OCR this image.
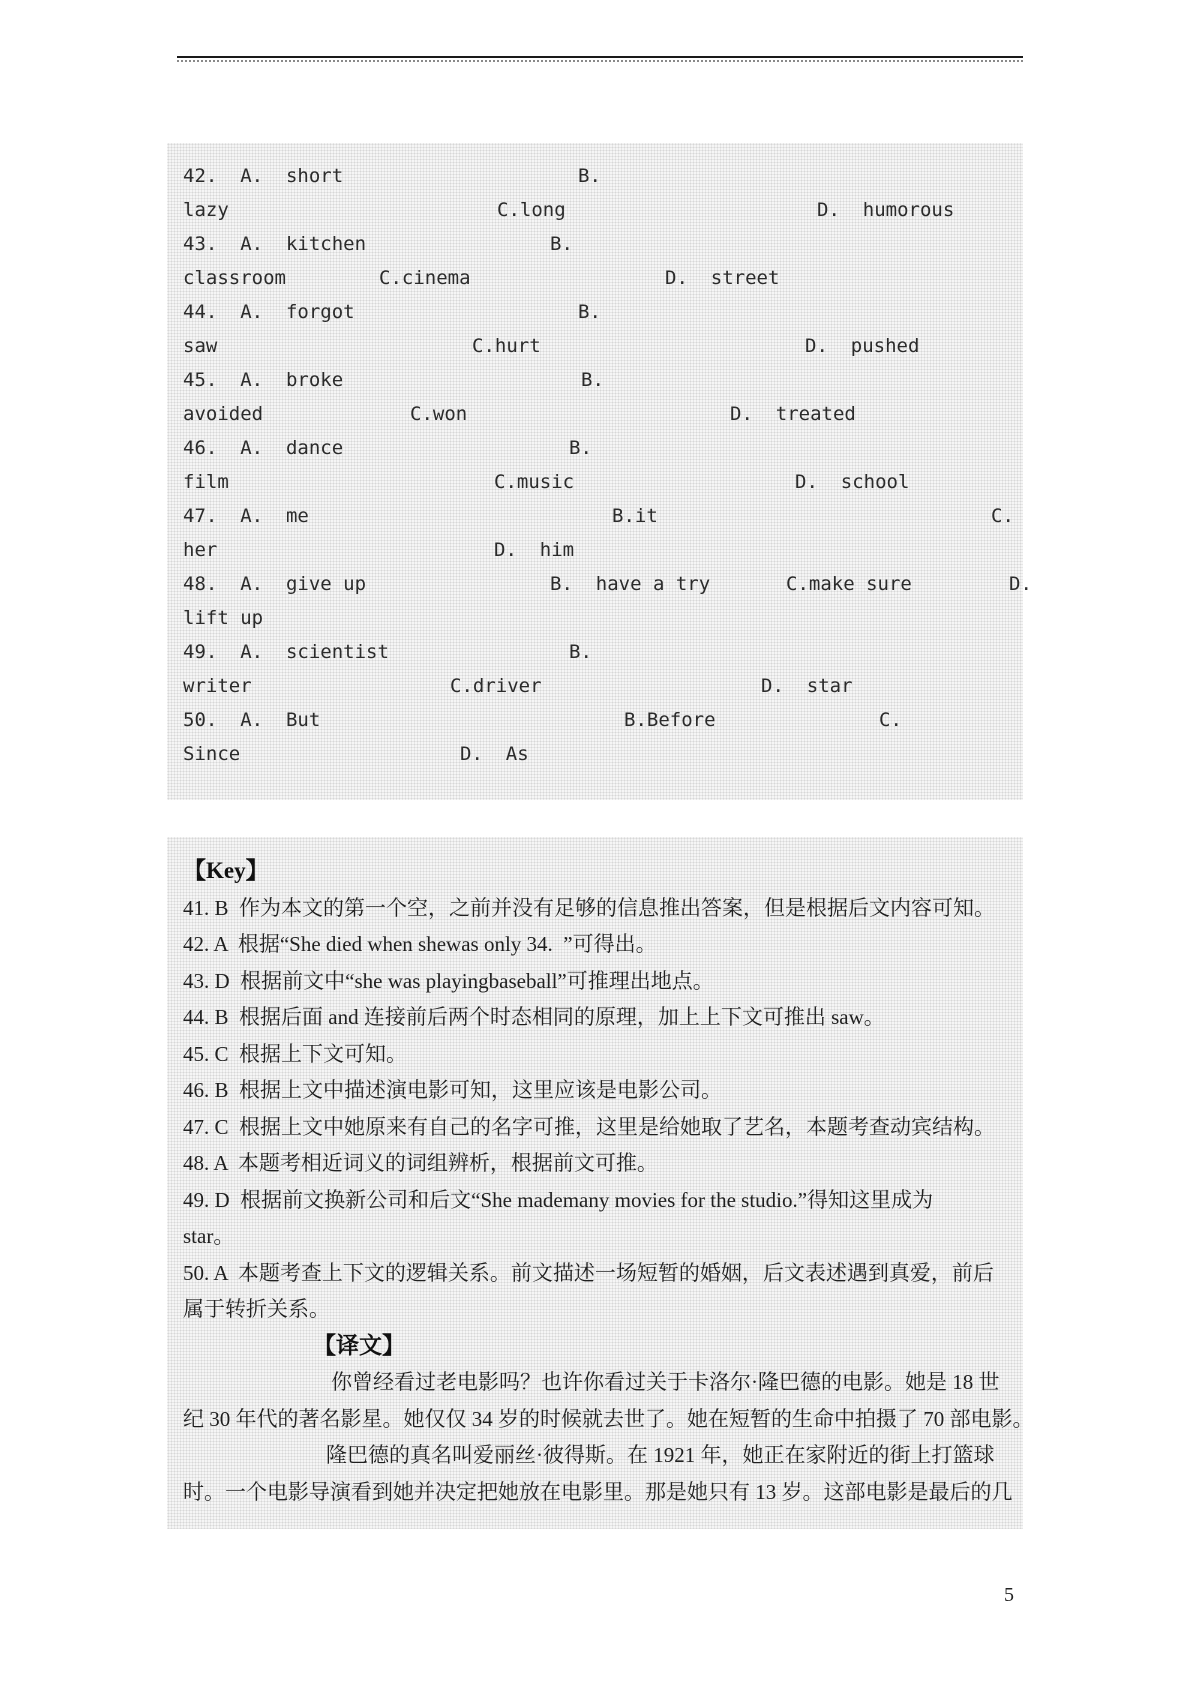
42.  A.  short	B.
lazy	C.long	D.  humorous
43.  A.  kitchen	B.
classroom	C.cinema	D.  street
44.  A.  forgot	B.
saw	C.hurt	D.  pushed
45.  A.  broke	B.
avoided	C.won	D.  treated
46.  A.  dance	B.
film	C.music	D.  school
47.  A.  me	B.it	C.
her	D.  him
48.  A.  give up	B.  have a try	C.make sure	D.
lift up
49.  A.  scientist	B.
writer	C.driver	D.  star
50.  A.  But	B.Before	C.
Since	D.  As
【Key】
41. B  作为本文的第一个空，之前并没有足够的信息推出答案，但是根据后文内容可知。
42. A  根据“She died when shewas only 34.  ”可得出。
43. D  根据前文中“she was playingbaseball”可推理出地点。
44. B  根据后面 and 连接前后两个时态相同的原理，加上上下文可推出 saw。
45. C  根据上下文可知。
46. B  根据上文中描述演电影可知，这里应该是电影公司。
47. C  根据上文中她原来有自己的名字可推，这里是给她取了艺名，本题考查动宾结构。
48. A  本题考相近词义的词组辨析，根据前文可推。
49. D  根据前文换新公司和后文“She mademany movies for the studio.”得知这里成为
star。
50. A  本题考查上下文的逻辑关系。前文描述一场短暂的婚姻，后文表述遇到真爱，前后
属于转折关系。
【译文】
你曾经看过老电影吗？也许你看过关于卡洛尔·隆巴德的电影。她是 18 世
纪 30 年代的著名影星。她仅仅 34 岁的时候就去世了。她在短暂的生命中拍摄了 70 部电影。
隆巴德的真名叫爱丽丝·彼得斯。在 1921 年，她正在家附近的街上打篮球
时。一个电影导演看到她并决定把她放在电影里。那是她只有 13 岁。这部电影是最后的几
5
